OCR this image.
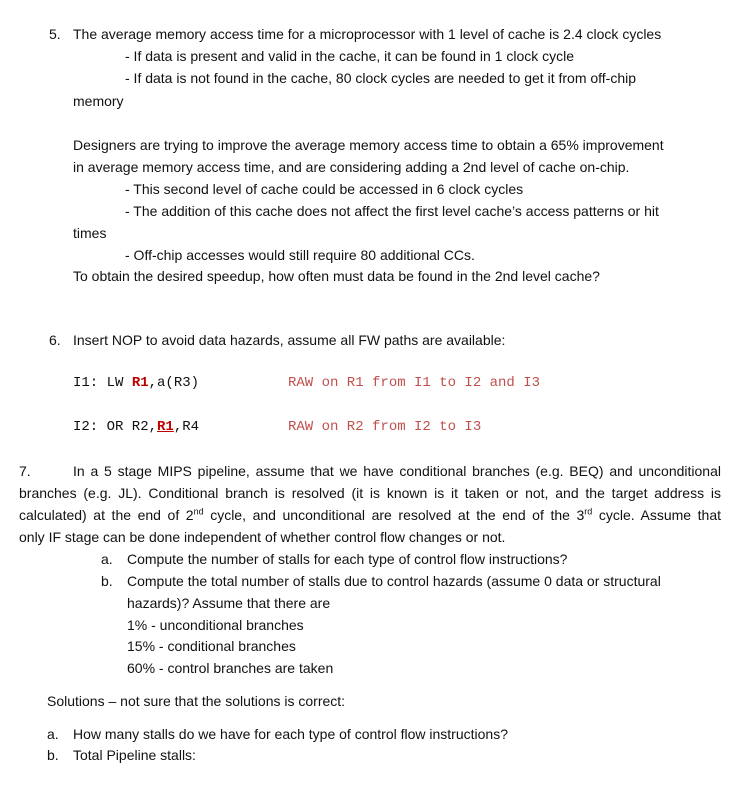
5. The average memory access time for a microprocessor with 1 level of cache is 2.4 clock cycles
- If data is present and valid in the cache, it can be found in 1 clock cycle
- If data is not found in the cache, 80 clock cycles are needed to get it from off-chip
memory
Designers are trying to improve the average memory access time to obtain a 65% improvement
in average memory access time, and are considering adding a 2nd level of cache on-chip.
- This second level of cache could be accessed in 6 clock cycles
- The addition of this cache does not affect the first level cache’s access patterns or hit
times
- Off-chip accesses would still require 80 additional CCs.
To obtain the desired speedup, how often must data be found in the 2nd level cache?
6. Insert NOP to avoid data hazards, assume all FW paths are available:
I1: LW R1,a(R3)	RAW on R1 from I1 to I2 and I3
I2: OR R2,R1,R4	RAW on R2 from I2 to I3
7.	In a 5 stage MIPS pipeline, assume that we have conditional branches (e.g. BEQ) and unconditional
branches (e.g. JL). Conditional branch is resolved (it is known is it taken or not, and the target address is
calculated) at the end of 2nd cycle, and unconditional are resolved at the end of the 3rd cycle. Assume that
only IF stage can be done independent of whether control flow changes or not.
a. Compute the number of stalls for each type of control flow instructions?
b. Compute the total number of stalls due to control hazards (assume 0 data or structural
hazards)? Assume that there are
1% - unconditional branches
15% - conditional branches
60% - control branches are taken
Solutions – not sure that the solutions is correct:
a. How many stalls do we have for each type of control flow instructions?
b. Total Pipeline stalls:
